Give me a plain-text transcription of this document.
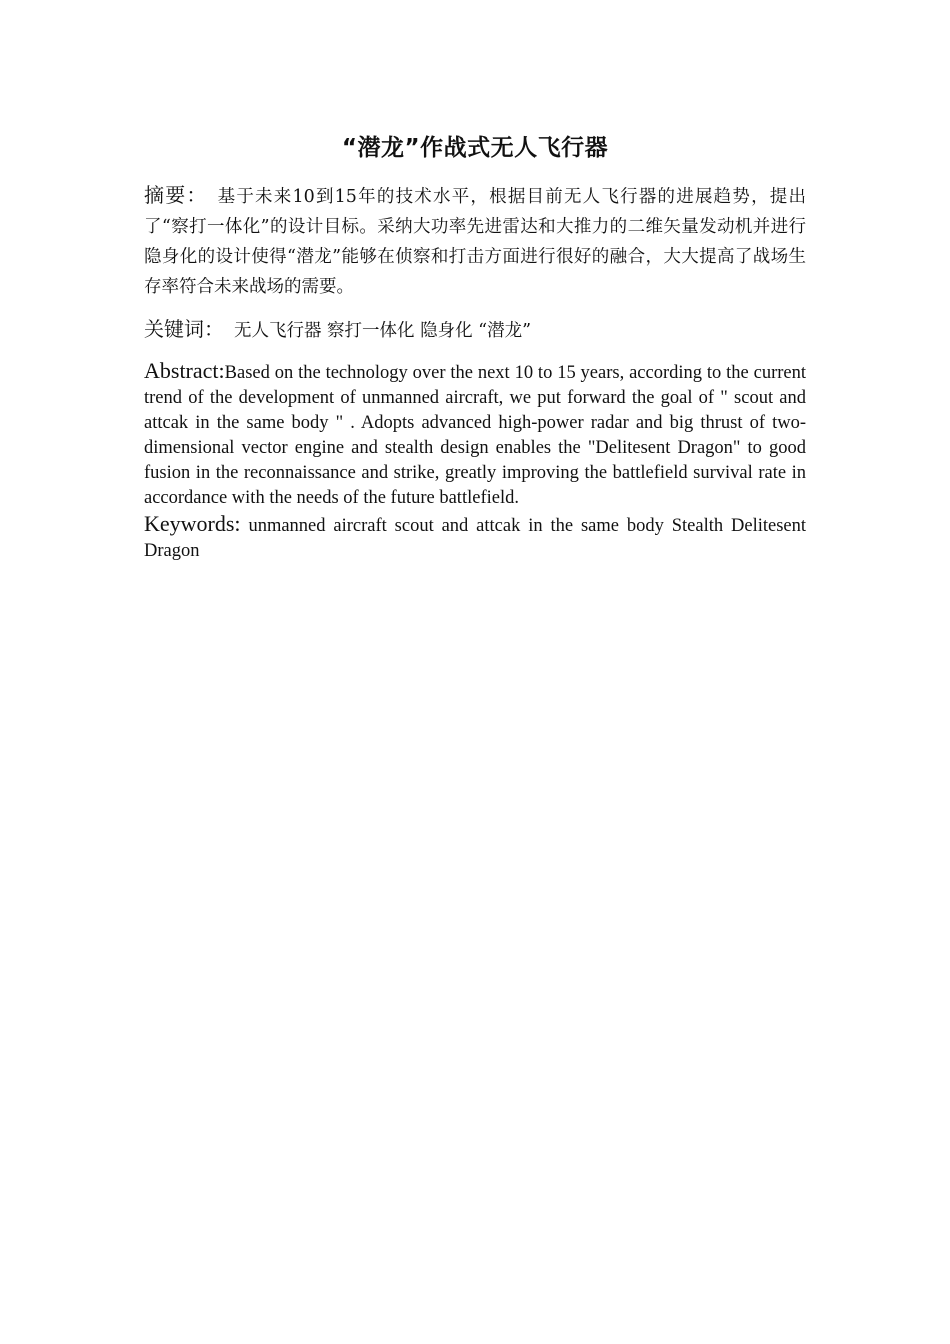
“潜龙”作战式无人飞行器

摘要： 基于未来10到15年的技术水平，根据目前无人飞行器的进展趋势，提出了“察打一体化”的设计目标。采纳大功率先进雷达和大推力的二维矢量发动机并进行隐身化的设计使得“潜龙”能够在侦察和打击方面进行很好的融合，大大提高了战场生存率符合未来战场的需要。

关键词： 无人飞行器 察打一体化 隐身化 “潜龙”

Abstract:Based on the technology over the next 10 to 15 years, according to the current trend of the development of unmanned aircraft, we put forward the goal of " scout and attcak in the same body " . Adopts advanced high-power radar and big thrust of two-dimensional vector engine and stealth design enables the "Delitesent Dragon" to good fusion in the reconnaissance and strike, greatly improving the battlefield survival rate in accordance with the needs of the future battlefield.

Keywords: unmanned aircraft scout and attcak in the same body Stealth Delitesent Dragon
